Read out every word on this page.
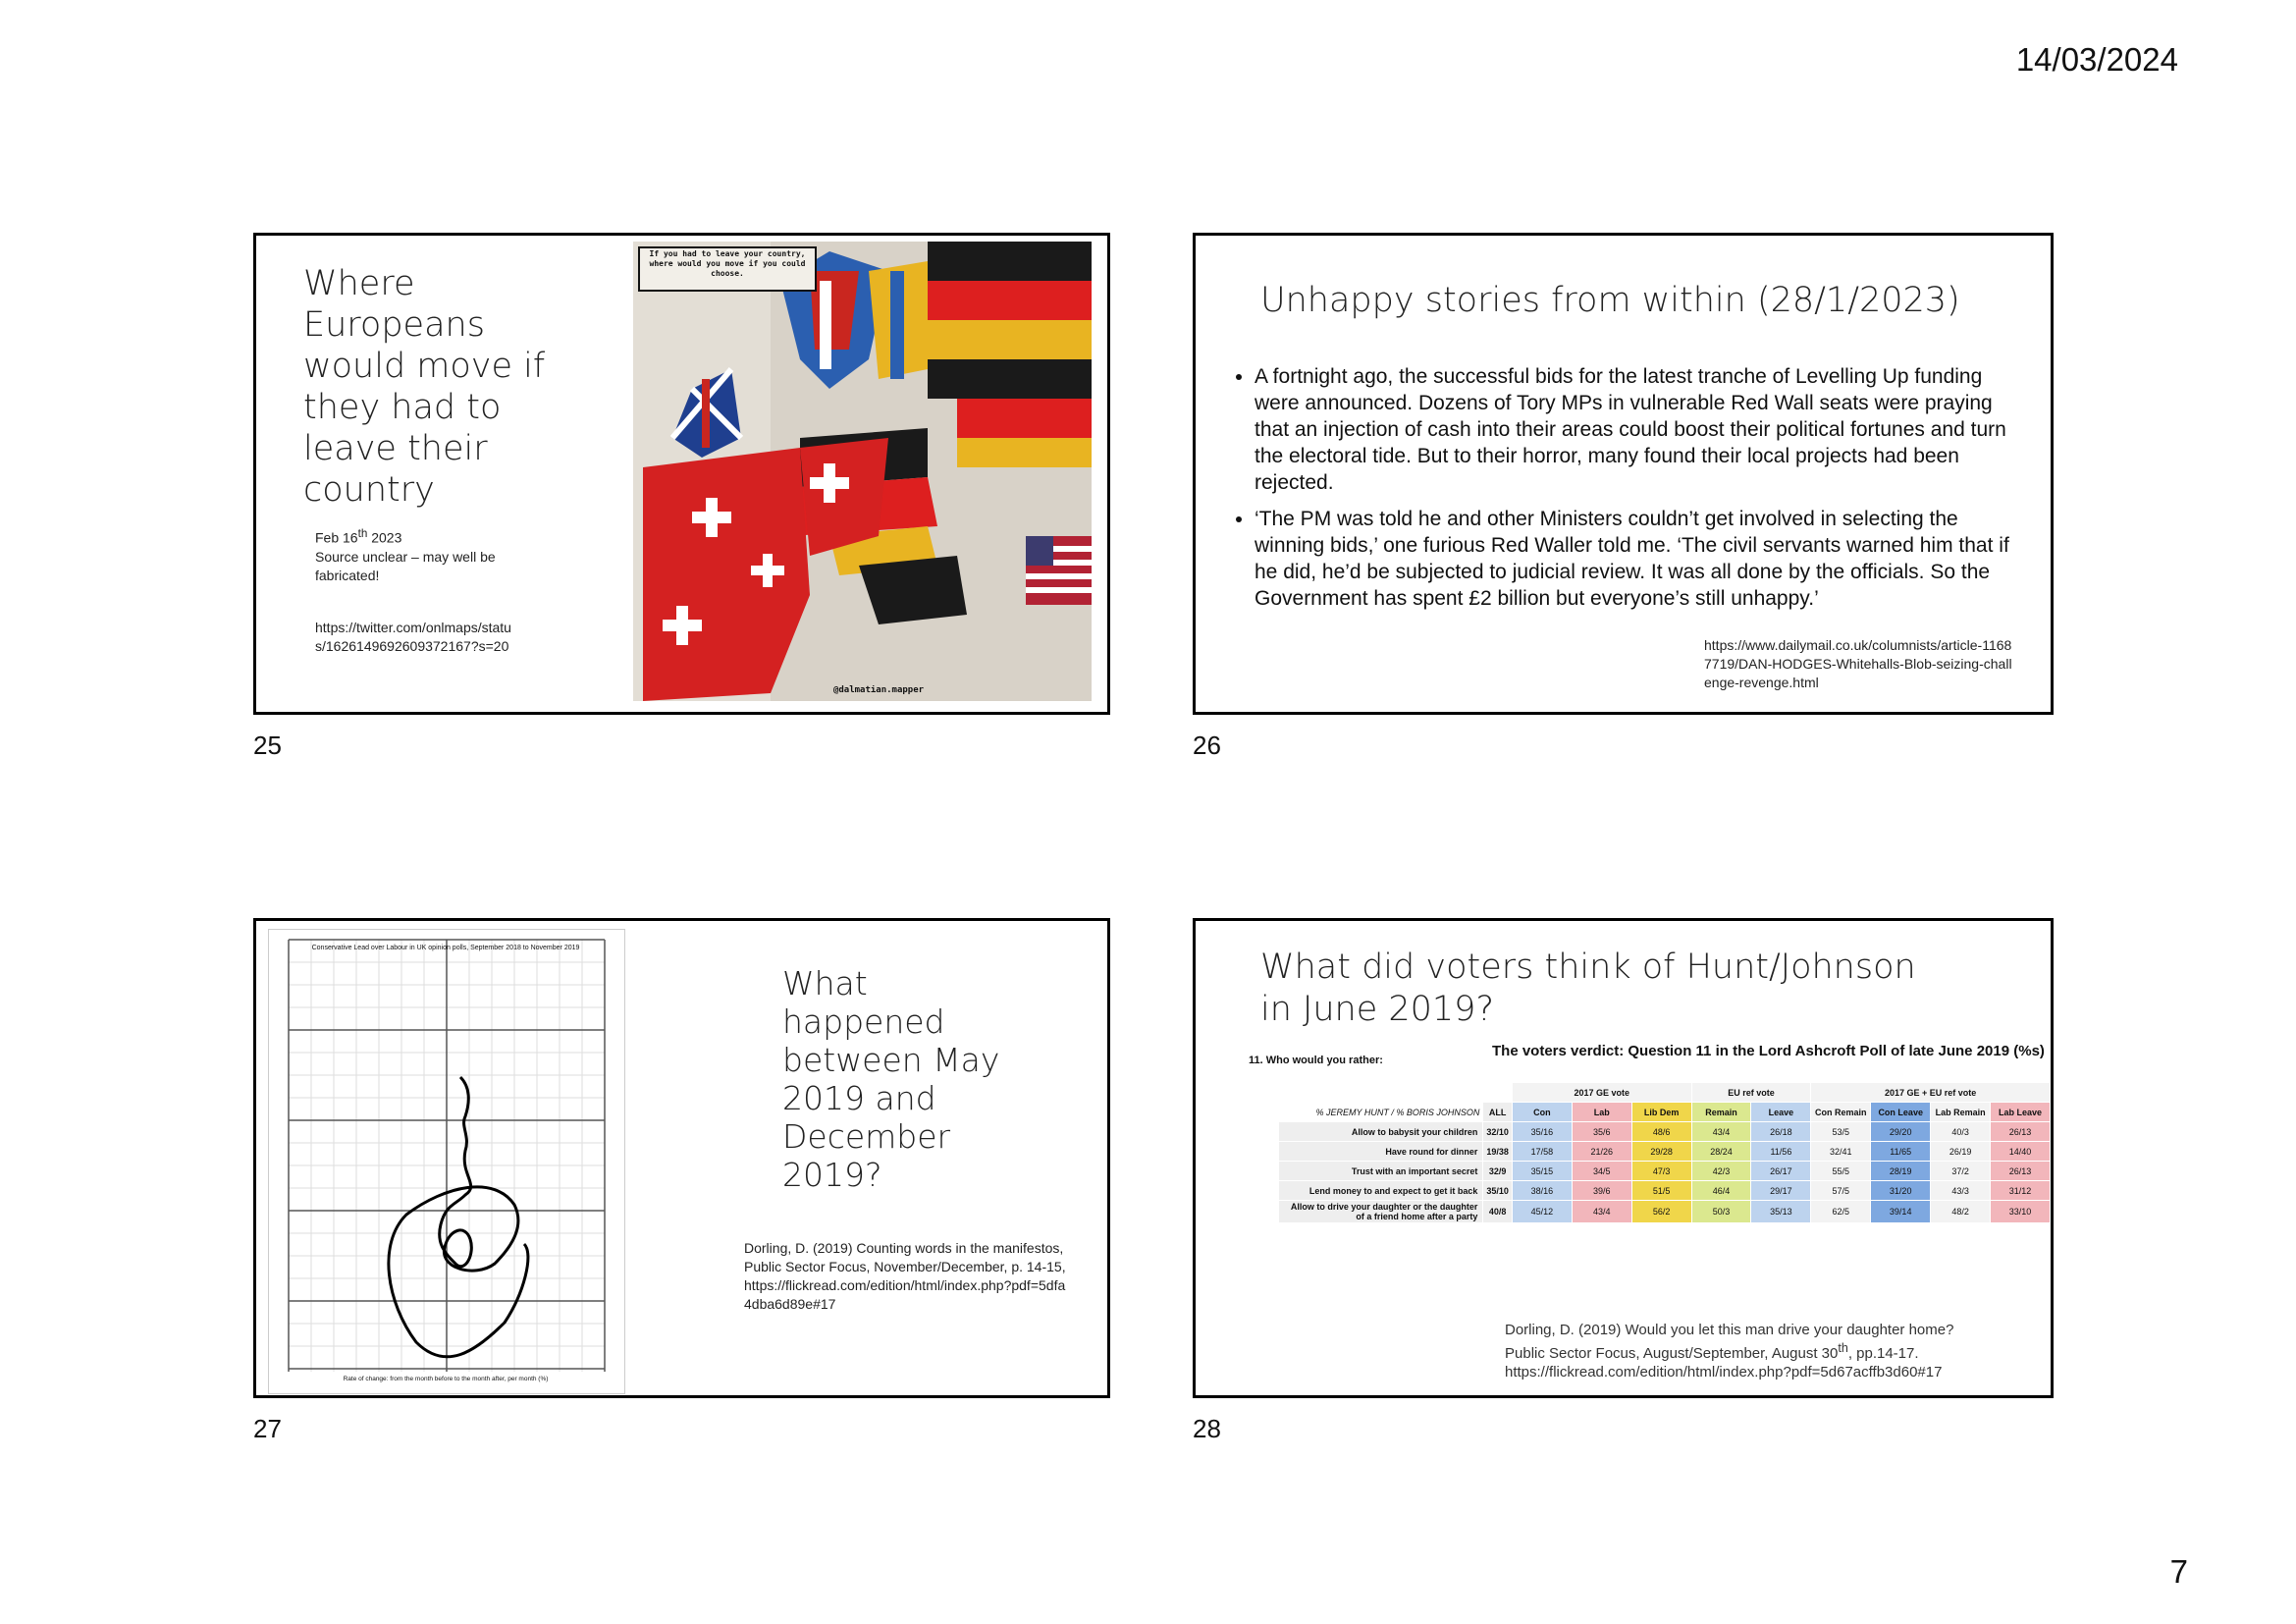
14/03/2024
7
Where Europeans would move if they had to leave their country
Feb 16th 2023
Source unclear – may well be fabricated!
https://twitter.com/onlmaps/status/1626149692609372167?s=20
If you had to leave your country, where would you move if you could choose.
@dalmatian.mapper
25
Unhappy stories from within (28/1/2023)
• A fortnight ago, the successful bids for the latest tranche of Levelling Up funding were announced. Dozens of Tory MPs in vulnerable Red Wall seats were praying that an injection of cash into their areas could boost their political fortunes and turn the electoral tide. But to their horror, many found their local projects had been rejected.
• ‘The PM was told he and other Ministers couldn’t get involved in selecting the winning bids,’ one furious Red Waller told me. ‘The civil servants warned him that if he did, he’d be subjected to judicial review. It was all done by the officials. So the Government has spent £2 billion but everyone’s still unhappy.’
https://www.dailymail.co.uk/columnists/article-11687719/DAN-HODGES-Whitehalls-Blob-seizing-challenge-revenge.html
26
Conservative Lead over Labour in UK opinion polls, September 2018 to November 2019
Rate of change: from the month before to the month after, per month (%)
What happened between May 2019 and December 2019?
Dorling, D. (2019) Counting words in the manifestos, Public Sector Focus, November/December, p. 14-15, https://flickread.com/edition/html/index.php?pdf=5dfa4dba6d89e#17
27
What did voters think of Hunt/Johnson in June 2019?
11. Who would you rather:
The voters verdict: Question 11 in the Lord Ashcroft Poll of late June 2019 (%s)
		2017 GE vote			EU ref vote		2017 GE + EU ref vote			
% JEREMY HUNT / % BORIS JOHNSON	ALL	Con	Lab	Lib Dem	Remain	Leave	Con Remain	Con Leave	Lab Remain	Lab Leave
Allow to babysit your children	32/10	35/16	35/6	48/6	43/4	26/18	53/5	29/20	40/3	26/13
Have round for dinner	19/38	17/58	21/26	29/28	28/24	11/56	32/41	11/65	26/19	14/40
Trust with an important secret	32/9	35/15	34/5	47/3	42/3	26/17	55/5	28/19	37/2	26/13
Lend money to and expect to get it back	35/10	38/16	39/6	51/5	46/4	29/17	57/5	31/20	43/3	31/12
Allow to drive your daughter or the daughter of a friend home after a party	40/8	45/12	43/4	56/2	50/3	35/13	62/5	39/14	48/2	33/10
Dorling, D. (2019) Would you let this man drive your daughter home?
Public Sector Focus, August/September, August 30th, pp.14-17.
https://flickread.com/edition/html/index.php?pdf=5d67acffb3d60#17
28
